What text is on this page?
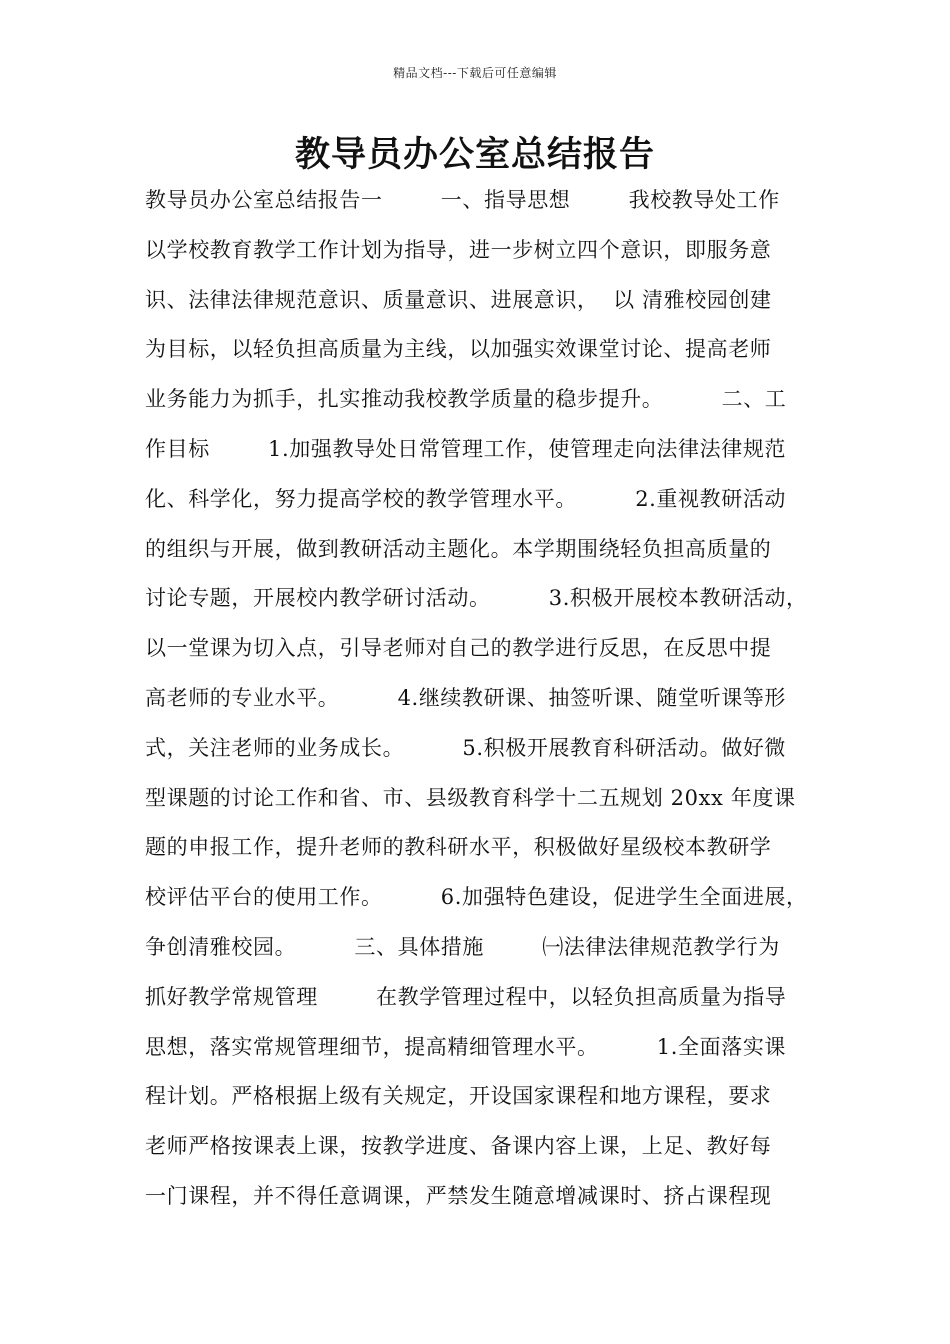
精品文档---下载后可任意编辑
教导员办公室总结报告
教导员办公室总结报告一        一、指导思想        我校教导处工作
以学校教育教学工作计划为指导，进一步树立四个意识，即服务意
识、法律法律规范意识、质量意识、进展意识，  以 清雅校园创建
为目标，以轻负担高质量为主线，以加强实效课堂讨论、提高老师
业务能力为抓手，扎实推动我校教学质量的稳步提升。        二、工
作目标        1.加强教导处日常管理工作，使管理走向法律法律规范
化、科学化，努力提高学校的教学管理水平。        2.重视教研活动
的组织与开展，做到教研活动主题化。本学期围绕轻负担高质量的
讨论专题，开展校内教学研讨活动。        3.积极开展校本教研活动，
以一堂课为切入点，引导老师对自己的教学进行反思，在反思中提
高老师的专业水平。        4.继续教研课、抽签听课、随堂听课等形
式，关注老师的业务成长。        5.积极开展教育科研活动。做好微
型课题的讨论工作和省、市、县级教育科学十二五规划 20xx 年度课
题的申报工作，提升老师的教科研水平，积极做好星级校本教研学
校评估平台的使用工作。        6.加强特色建设，促进学生全面进展，
争创清雅校园。        三、具体措施        ㈠法律法律规范教学行为
抓好教学常规管理        在教学管理过程中，以轻负担高质量为指导
思想，落实常规管理细节，提高精细管理水平。        1.全面落实课
程计划。严格根据上级有关规定，开设国家课程和地方课程，要求
老师严格按课表上课，按教学进度、备课内容上课，上足、教好每
一门课程，并不得任意调课，严禁发生随意增减课时、挤占课程现
